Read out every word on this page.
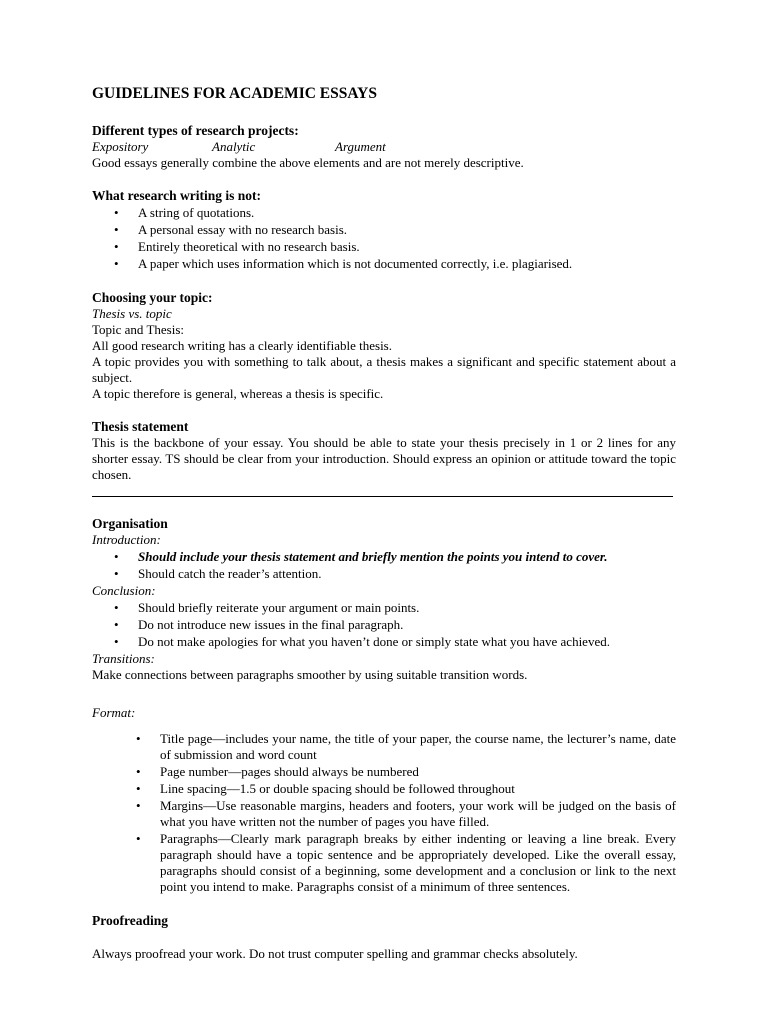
GUIDELINES FOR ACADEMIC ESSAYS

Different types of research projects:

Expository	Analytic	Argument

Good essays generally combine the above elements and are not merely descriptive.

What research writing is not:

• A string of quotations.
• A personal essay with no research basis.
• Entirely theoretical with no research basis.
• A paper which uses information which is not documented correctly, i.e. plagiarised.

Choosing your topic:

Thesis vs. topic

Topic and Thesis:

All good research writing has a clearly identifiable thesis.

A topic provides you with something to talk about, a thesis makes a significant and specific statement about a subject.

A topic therefore is general, whereas a thesis is specific.

Thesis statement

This is the backbone of your essay. You should be able to state your thesis precisely in 1 or 2 lines for any shorter essay. TS should be clear from your introduction. Should express an opinion or attitude toward the topic chosen.

Organisation

Introduction:

• Should include your thesis statement and briefly mention the points you intend to cover.
• Should catch the reader’s attention.

Conclusion:

• Should briefly reiterate your argument or main points.
• Do not introduce new issues in the final paragraph.
• Do not make apologies for what you haven’t done or simply state what you have achieved.

Transitions:

Make connections between paragraphs smoother by using suitable transition words.

Format:

• Title page—includes your name, the title of your paper, the course name, the lecturer’s name, date of submission and word count
• Page number—pages should always be numbered
• Line spacing—1.5 or double spacing should be followed throughout
• Margins—Use reasonable margins, headers and footers, your work will be judged on the basis of what you have written not the number of pages you have filled.
• Paragraphs—Clearly mark paragraph breaks by either indenting or leaving a line break. Every paragraph should have a topic sentence and be appropriately developed. Like the overall essay, paragraphs should consist of a beginning, some development and a conclusion or link to the next point you intend to make. Paragraphs consist of a minimum of three sentences.

Proofreading

Always proofread your work. Do not trust computer spelling and grammar checks absolutely.
